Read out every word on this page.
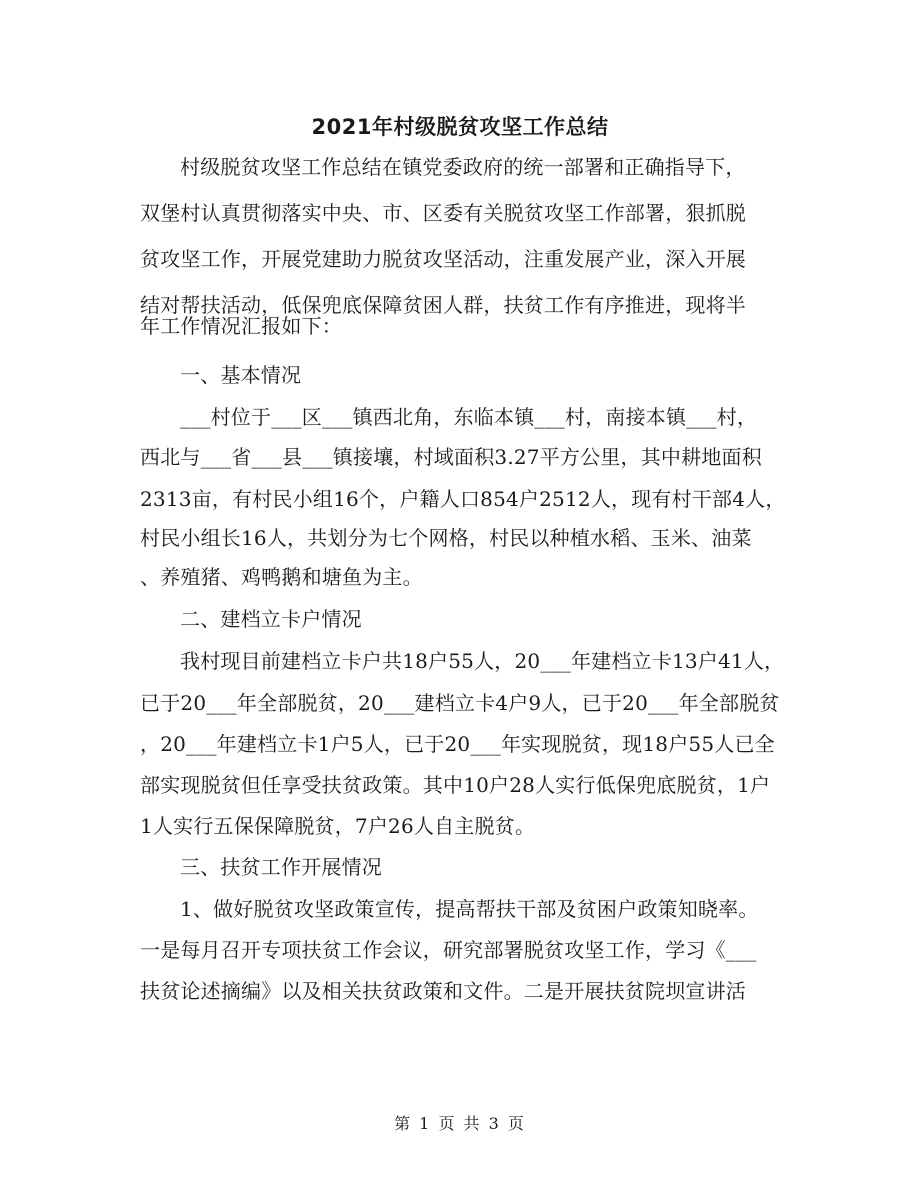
2021年村级脱贫攻坚工作总结
村级脱贫攻坚工作总结在镇党委政府的统一部署和正确指导下，
双堡村认真贯彻落实中央、市、区委有关脱贫攻坚工作部署，狠抓脱
贫攻坚工作，开展党建助力脱贫攻坚活动，注重发展产业，深入开展
结对帮扶活动，低保兜底保障贫困人群，扶贫工作有序推进，现将半
年工作情况汇报如下：
一、基本情况
___村位于___区___镇西北角，东临本镇___村，南接本镇___村，
西北与___省___县___镇接壤，村域面积3.27平方公里，其中耕地面积
2313亩，有村民小组16个，户籍人口854户2512人，现有村干部4人，
村民小组长16人，共划分为七个网格，村民以种植水稻、玉米、油菜
、养殖猪、鸡鸭鹅和塘鱼为主。
二、建档立卡户情况
我村现目前建档立卡户共18户55人，20___年建档立卡13户41人，
已于20___年全部脱贫，20___建档立卡4户9人，已于20___年全部脱贫
，20___年建档立卡1户5人，已于20___年实现脱贫，现18户55人已全
部实现脱贫但任享受扶贫政策。其中10户28人实行低保兜底脱贫，1户
1人实行五保保障脱贫，7户26人自主脱贫。
三、扶贫工作开展情况
1、做好脱贫攻坚政策宣传，提高帮扶干部及贫困户政策知晓率。
一是每月召开专项扶贫工作会议，研究部署脱贫攻坚工作，学习《___
扶贫论述摘编》以及相关扶贫政策和文件。二是开展扶贫院坝宣讲活
第 1 页 共 3 页
